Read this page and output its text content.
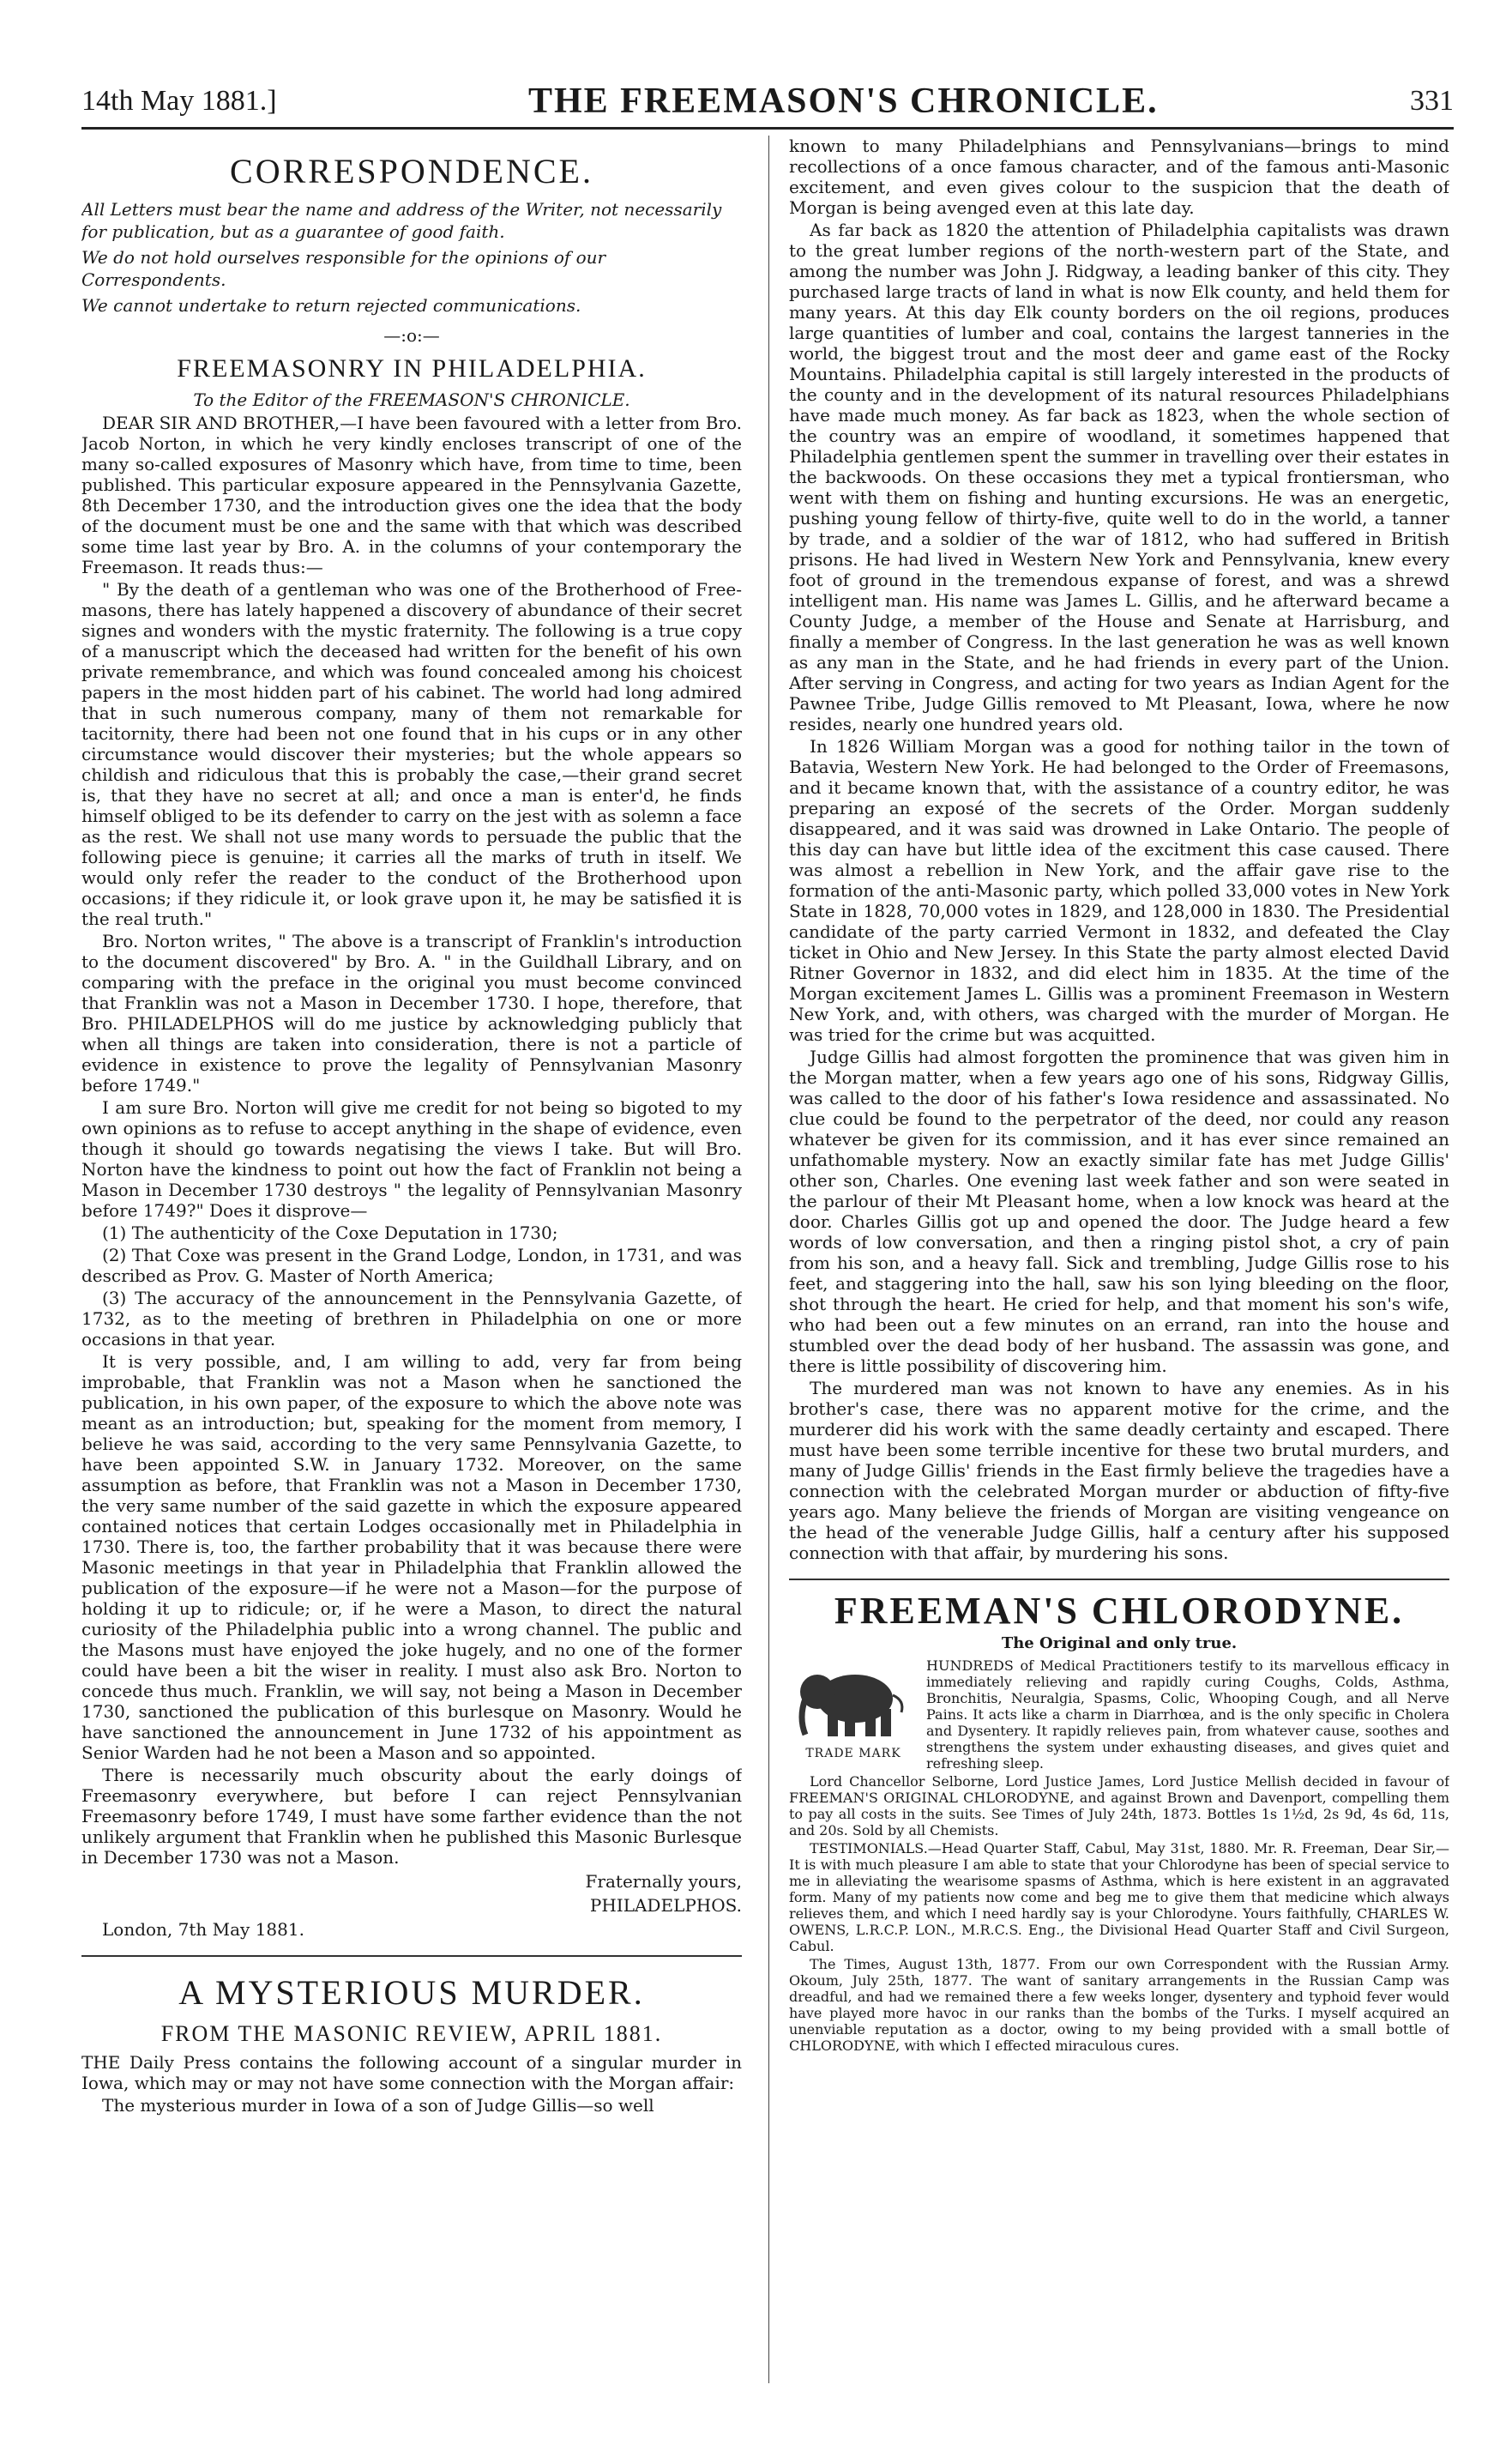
14th May 1881.]	THE FREEMASON'S CHRONICLE.	331
CORRESPONDENCE.
All Letters must bear the name and address of the Writer, not necessarily for publication, but as a guarantee of good faith.
We do not hold ourselves responsible for the opinions of our Correspondents.
We cannot undertake to return rejected communications.
—:o:—
FREEMASONRY IN PHILADELPHIA.
To the Editor of the FREEMASON'S CHRONICLE.

DEAR SIR AND BROTHER,—I have been favoured with a letter from Bro. Jacob Norton, in which he very kindly encloses transcript of one of the many so-called exposures of Masonry which have, from time to time, been published. This particular exposure appeared in the Pennsylvania Gazette, 8th December 1730, and the introduction gives one the idea that the body of the document must be one and the same with that which was described some time last year by Bro. A. in the columns of your contemporary the Freemason. It reads thus:—

" By the death of a gentleman who was one of the Brotherhood of Free-masons, there has lately happened a discovery of abundance of their secret signes and wonders with the mystic fraternity. The following is a true copy of a manuscript which the deceased had written for the benefit of his own private remembrance, and which was found concealed among his choicest papers in the most hidden part of his cabinet. The world had long admired that in such numerous company, many of them not remarkable for tacitornity, there had been not one found that in his cups or in any other circumstance would discover their mysteries; but the whole appears so childish and ridiculous that this is probably the case,—their grand secret is, that they have no secret at all; and once a man is enter'd, he finds himself obliged to be its defender to carry on the jest with as solemn a face as the rest. We shall not use many words to persuade the public that the following piece is genuine; it carries all the marks of truth in itself. We would only refer the reader to the conduct of the Brotherhood upon occasions; if they ridicule it, or look grave upon it, he may be satisfied it is the real truth."

Bro. Norton writes, " The above is a transcript of Franklin's introduction to the document discovered" by Bro. A. " in the Guildhall Library, and on comparing with the preface in the original you must become convinced that Franklin was not a Mason in December 1730. I hope, therefore, that Bro. PHILADELPHOS will do me justice by acknowledging publicly that when all things are taken into consideration, there is not a particle of evidence in existence to prove the legality of Pennsylvanian Masonry before 1749."

I am sure Bro. Norton will give me credit for not being so bigoted to my own opinions as to refuse to accept anything in the shape of evidence, even though it should go towards negatising the views I take. But will Bro. Norton have the kindness to point out how the fact of Franklin not being a Mason in December 1730 destroys " the legality of Pennsylvanian Masonry before 1749?" Does it disprove—

(1) The authenticity of the Coxe Deputation in 1730;

(2) That Coxe was present in the Grand Lodge, London, in 1731, and was described as Prov. G. Master of North America;

(3) The accuracy of the announcement in the Pennsylvania Gazette, of 1732, as to the meeting of brethren in Philadelphia on one or more occasions in that year.

It is very possible, and, I am willing to add, very far from being improbable, that Franklin was not a Mason when he sanctioned the publication, in his own paper, of the exposure to which the above note was meant as an introduction; but, speaking for the moment from memory, I believe he was said, according to the very same Pennsylvania Gazette, to have been appointed S.W. in January 1732. Moreover, on the same assumption as before, that Franklin was not a Mason in December 1730, the very same number of the said gazette in which the exposure appeared contained notices that certain Lodges occasionally met in Philadelphia in 1730. There is, too, the farther probability that it was because there were Masonic meetings in that year in Philadelphia that Franklin allowed the publication of the exposure—if he were not a Mason—for the purpose of holding it up to ridicule; or, if he were a Mason, to direct the natural curiosity of the Philadelphia public into a wrong channel. The public and the Masons must have enjoyed the joke hugely, and no one of the former could have been a bit the wiser in reality. I must also ask Bro. Norton to concede thus much. Franklin, we will say, not being a Mason in December 1730, sanctioned the publication of this burlesque on Masonry. Would he have sanctioned the announcement in June 1732 of his appointment as Senior Warden had he not been a Mason and so appointed.

There is necessarily much obscurity about the early doings of Freemasonry everywhere, but before I can reject Pennsylvanian Freemasonry before 1749, I must have some farther evidence than the not unlikely argument that Franklin when he published this Masonic Burlesque in December 1730 was not a Mason.

Fraternally yours,
PHILADELPHOS.
London, 7th May 1881.
A MYSTERIOUS MURDER.
FROM THE MASONIC REVIEW, APRIL 1881.

THE Daily Press contains the following account of a singular murder in Iowa, which may or may not have some connection with the Morgan affair:

The mysterious murder in Iowa of a son of Judge Gillis—so well

known to many Philadelphians and Pennsylvanians—brings to mind recollections of a once famous character, and of the famous anti-Masonic excitement, and even gives colour to the suspicion that the death of Morgan is being avenged even at this late day.

As far back as 1820 the attention of Philadelphia capitalists was drawn to the great lumber regions of the north-western part of the State, and among the number was John J. Ridgway, a leading banker of this city. They purchased large tracts of land in what is now Elk county, and held them for many years. At this day Elk county borders on the oil regions, produces large quantities of lumber and coal, contains the largest tanneries in the world, the biggest trout and the most deer and game east of the Rocky Mountains. Philadelphia capital is still largely interested in the products of the county and in the development of its natural resources Philadelphians have made much money. As far back as 1823, when the whole section of the country was an empire of woodland, it sometimes happened that Philadelphia gentlemen spent the summer in travelling over their estates in the backwoods. On these occasions they met a typical frontiersman, who went with them on fishing and hunting excursions. He was an energetic, pushing young fellow of thirty-five, quite well to do in the world, a tanner by trade, and a soldier of the war of 1812, who had suffered in British prisons. He had lived in Western New York and Pennsylvania, knew every foot of ground in the tremendous expanse of forest, and was a shrewd intelligent man. His name was James L. Gillis, and he afterward became a County Judge, a member of the House and Senate at Harrisburg, and finally a member of Congress. In the last generation he was as well known as any man in the State, and he had friends in every part of the Union. After serving in Congress, and acting for two years as Indian Agent for the Pawnee Tribe, Judge Gillis removed to Mt Pleasant, Iowa, where he now resides, nearly one hundred years old.

In 1826 William Morgan was a good for nothing tailor in the town of Batavia, Western New York. He had belonged to the Order of Freemasons, and it became known that, with the assistance of a country editor, he was preparing an exposé of the secrets of the Order. Morgan suddenly disappeared, and it was said was drowned in Lake Ontario. The people of this day can have but little idea of the excitment this case caused. There was almost a rebellion in New York, and the affair gave rise to the formation of the anti-Masonic party, which polled 33,000 votes in New York State in 1828, 70,000 votes in 1829, and 128,000 in 1830. The Presidential candidate of the party carried Vermont in 1832, and defeated the Clay ticket in Ohio and New Jersey. In this State the party almost elected David Ritner Governor in 1832, and did elect him in 1835. At the time of the Morgan excitement James L. Gillis was a prominent Freemason in Western New York, and, with others, was charged with the murder of Morgan. He was tried for the crime but was acquitted.

Judge Gillis had almost forgotten the prominence that was given him in the Morgan matter, when a few years ago one of his sons, Ridgway Gillis, was called to the door of his father's Iowa residence and assassinated. No clue could be found to the perpetrator of the deed, nor could any reason whatever be given for its commission, and it has ever since remained an unfathomable mystery. Now an exactly similar fate has met Judge Gillis' other son, Charles. One evening last week father and son were seated in the parlour of their Mt Pleasant home, when a low knock was heard at the door. Charles Gillis got up and opened the door. The Judge heard a few words of low conversation, and then a ringing pistol shot, a cry of pain from his son, and a heavy fall. Sick and trembling, Judge Gillis rose to his feet, and staggering into the hall, saw his son lying bleeding on the floor, shot through the heart. He cried for help, and that moment his son's wife, who had been out a few minutes on an errand, ran into the house and stumbled over the dead body of her husband. The assassin was gone, and there is little possibility of discovering him.

The murdered man was not known to have any enemies. As in his brother's case, there was no apparent motive for the crime, and the murderer did his work with the same deadly certainty and escaped. There must have been some terrible incentive for these two brutal murders, and many of Judge Gillis' friends in the East firmly believe the tragedies have a connection with the celebrated Morgan murder or abduction of fifty-five years ago. Many believe the friends of Morgan are visiting vengeance on the head of the venerable Judge Gillis, half a century after his supposed connection with that affair, by murdering his sons.

FREEMAN'S CHLORODYNE.
The Original and only true.
TRADE MARK

HUNDREDS of Medical Practitioners testify to its marvellous efficacy in immediately relieving and rapidly curing Coughs, Colds, Asthma, Bronchitis, Neuralgia, Spasms, Colic, Whooping Cough, and all Nerve Pains. It acts like a charm in Diarrhœa, and is the only specific in Cholera and Dysentery. It rapidly relieves pain, from whatever cause, soothes and strengthens the system under exhausting diseases, and gives quiet and refreshing sleep.

Lord Chancellor Selborne, Lord Justice James, Lord Justice Mellish decided in favour of FREEMAN'S ORIGINAL CHLORODYNE, and against Brown and Davenport, compelling them to pay all costs in the suits. See Times of July 24th, 1873. Bottles 1s 1½d, 2s 9d, 4s 6d, 11s, and 20s. Sold by all Chemists.

TESTIMONIALS.—Head Quarter Staff, Cabul, May 31st, 1880. Mr. R. Freeman, Dear Sir,—It is with much pleasure I am able to state that your Chlorodyne has been of special service to me in alleviating the wearisome spasms of Asthma, which is here existent in an aggravated form. Many of my patients now come and beg me to give them that medicine which always relieves them, and which I need hardly say is your Chlorodyne. Yours faithfully, CHARLES W. OWENS, L.R.C.P. LON., M.R.C.S. Eng., the Divisional Head Quarter Staff and Civil Surgeon, Cabul.

The Times, August 13th, 1877. From our own Correspondent with the Russian Army. Okoum, July 25th, 1877. The want of sanitary arrangements in the Russian Camp was dreadful, and had we remained there a few weeks longer, dysentery and typhoid fever would have played more havoc in our ranks than the bombs of the Turks. I myself acquired an unenviable reputation as a doctor, owing to my being provided with a small bottle of CHLORODYNE, with which I effected miraculous cures.
